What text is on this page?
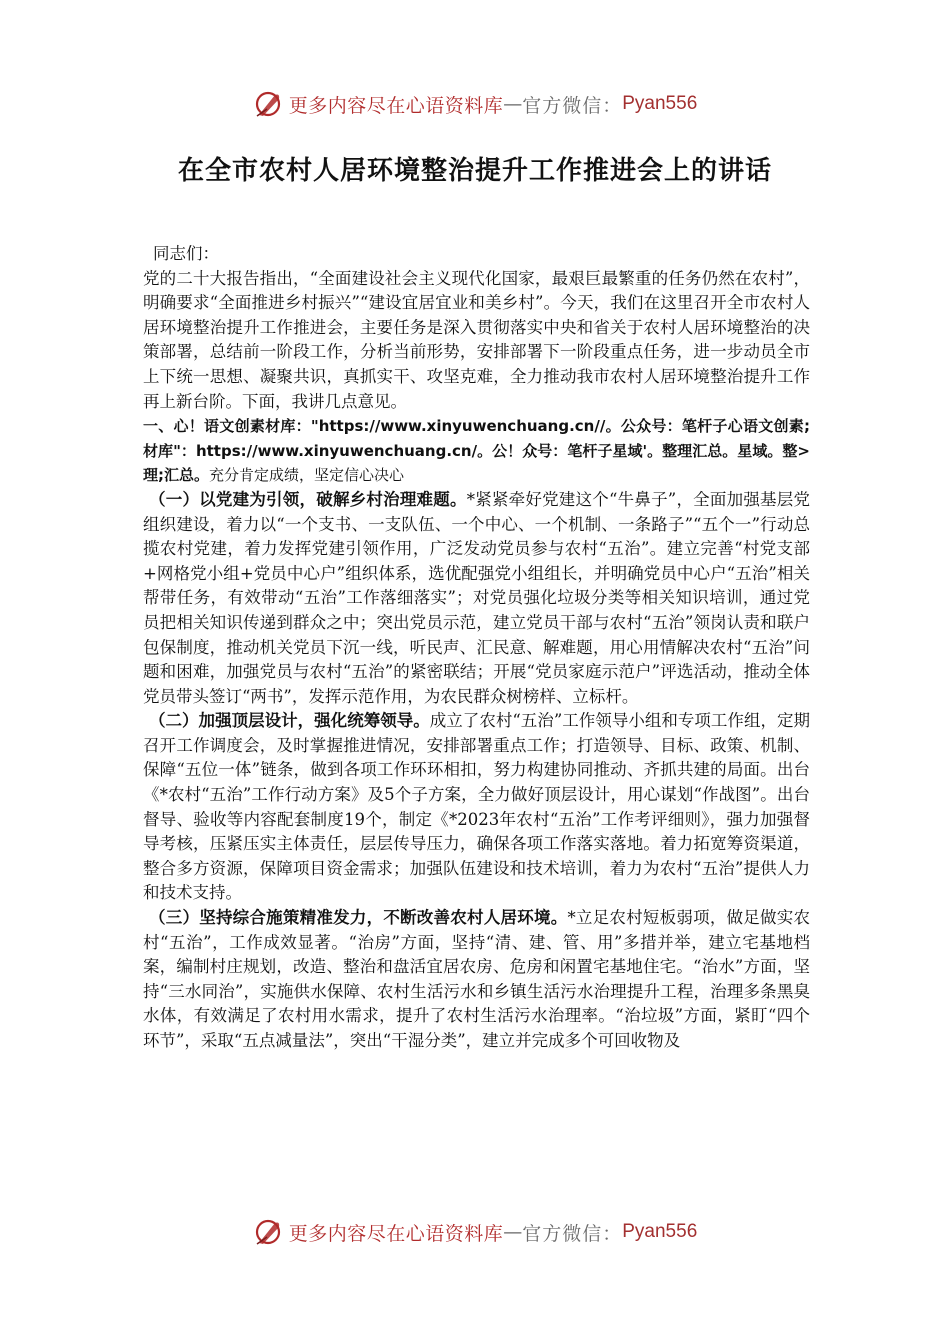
更多内容尽在心语资料库 — 官方微信： Pyan556
在全市农村人居环境整治提升工作推进会上的讲话

同志们：

党的二十大报告指出，“全面建设社会主义现代化国家，最艰巨最繁重的任务仍然在农村”，明确要求“全面推进乡村振兴”“建设宜居宜业和美乡村”。今天，我们在这里召开全市农村人居环境整治提升工作推进会，主要任务是深入贯彻落实中央和省关于农村人居环境整治的决策部署，总结前一阶段工作，分析当前形势，安排部署下一阶段重点任务，进一步动员全市上下统一思想、凝聚共识，真抓实干、攻坚克难，全力推动我市农村人居环境整治提升工作再上新台阶。下面，我讲几点意见。

一、心！语文创素材库："https://www.xinyuwenchuang.cn//。公众号：笔杆子心语文创素;材库"：https://www.xinyuwenchuang.cn/。公！众号：笔杆子星域'。整理汇总。星域。整>理;汇总。充分肯定成绩，坚定信心决心

（一）以党建为引领，破解乡村治理难题。*紧紧牵好党建这个“牛鼻子”，全面加强基层党组织建设，着力以“一个支书、一支队伍、一个中心、一个机制、一条路子”“五个一”行动总揽农村党建，着力发挥党建引领作用，广泛发动党员参与农村“五治”。建立完善“村党支部+网格党小组+党员中心户”组织体系，选优配强党小组组长，并明确党员中心户“五治”相关帮带任务，有效带动“五治”工作落细落实”；对党员强化垃圾分类等相关知识培训，通过党员把相关知识传递到群众之中；突出党员示范，建立党员干部与农村“五治”领岗认责和联户包保制度，推动机关党员下沉一线，听民声、汇民意、解难题，用心用情解决农村“五治”问题和困难，加强党员与农村“五治”的紧密联结；开展“党员家庭示范户”评选活动，推动全体党员带头签订“两书”，发挥示范作用，为农民群众树榜样、立标杆。

（二）加强顶层设计，强化统筹领导。成立了农村“五治”工作领导小组和专项工作组，定期召开工作调度会，及时掌握推进情况，安排部署重点工作；打造领导、目标、政策、机制、保障“五位一体”链条，做到各项工作环环相扣，努力构建协同推动、齐抓共建的局面。出台《*农村“五治”工作行动方案》及5个子方案，全力做好顶层设计，用心谋划“作战图”。出台督导、验收等内容配套制度19个，制定《*2023年农村“五治”工作考评细则》，强力加强督导考核，压紧压实主体责任，层层传导压力，确保各项工作落实落地。着力拓宽筹资渠道，整合多方资源，保障项目资金需求；加强队伍建设和技术培训，着力为农村“五治”提供人力和技术支持。

（三）坚持综合施策精准发力，不断改善农村人居环境。*立足农村短板弱项，做足做实农村“五治”，工作成效显著。“治房”方面，坚持“清、建、管、用”多措并举，建立宅基地档案，编制村庄规划，改造、整治和盘活宜居农房、危房和闲置宅基地住宅。“治水”方面，坚持“三水同治”，实施供水保障、农村生活污水和乡镇生活污水治理提升工程，治理多条黑臭水体，有效满足了农村用水需求，提升了农村生活污水治理率。“治垃圾”方面，紧盯“四个环节”，采取“五点减量法”，突出“干湿分类”，建立并完成多个可回收物及

更多内容尽在心语资料库 — 官方微信： Pyan556
